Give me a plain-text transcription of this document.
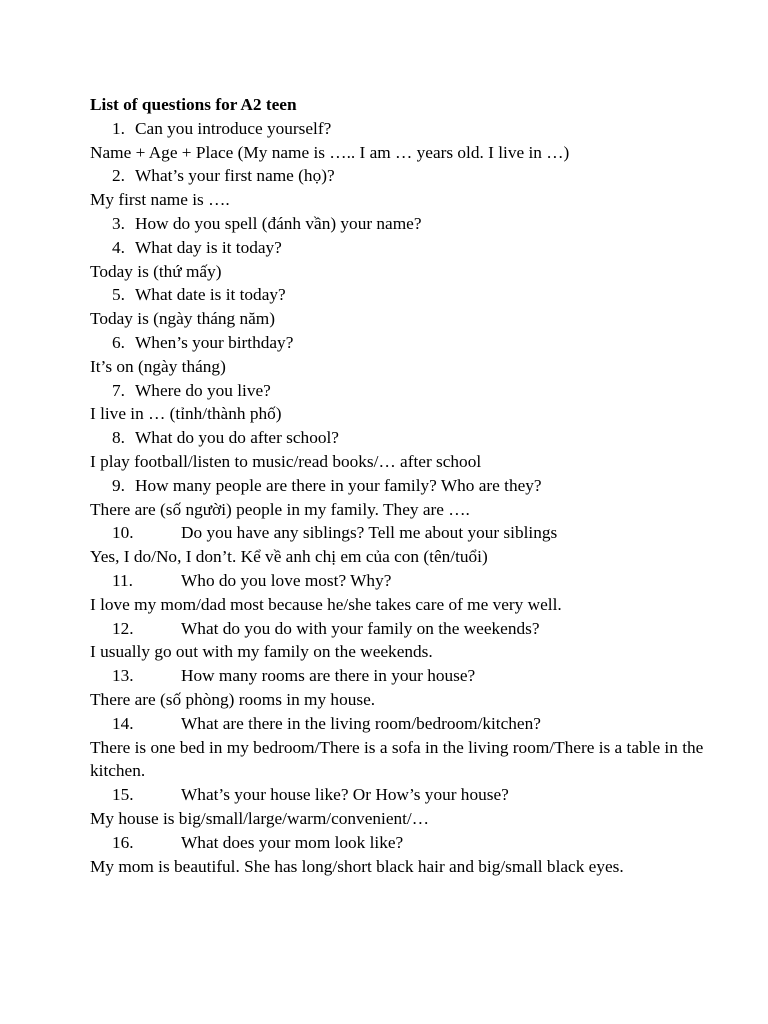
List of questions for A2 teen
1. Can you introduce yourself?
Name + Age + Place (My name is ….. I am … years old. I live in …)
2. What’s your first name (họ)?
My first name is ….
3. How do you spell (đánh vần) your name?
4. What day is it today?
Today is (thứ mấy)
5. What date is it today?
Today is (ngày tháng năm)
6. When’s your birthday?
It’s on (ngày tháng)
7. Where do you live?
I live in … (tỉnh/thành phố)
8. What do you do after school?
I play football/listen to music/read books/… after school
9. How many people are there in your family? Who are they?
There are (số người) people in my family. They are ….
10.	Do you have any siblings? Tell me about your siblings
Yes, I do/No, I don’t. Kể về anh chị em của con (tên/tuổi)
11.	Who do you love most? Why?
I love my mom/dad most because he/she takes care of me very well.
12.	What do you do with your family on the weekends?
I usually go out with my family on the weekends.
13.	How many rooms are there in your house?
There are (số phòng) rooms in my house.
14.	What are there in the living room/bedroom/kitchen?
There is one bed in my bedroom/There is a sofa in the living room/There is a table in the kitchen.
15.	What’s your house like? Or How’s your house?
My house is big/small/large/warm/convenient/…
16.	What does your mom look like?
My mom is beautiful. She has long/short black hair and big/small black eyes.
